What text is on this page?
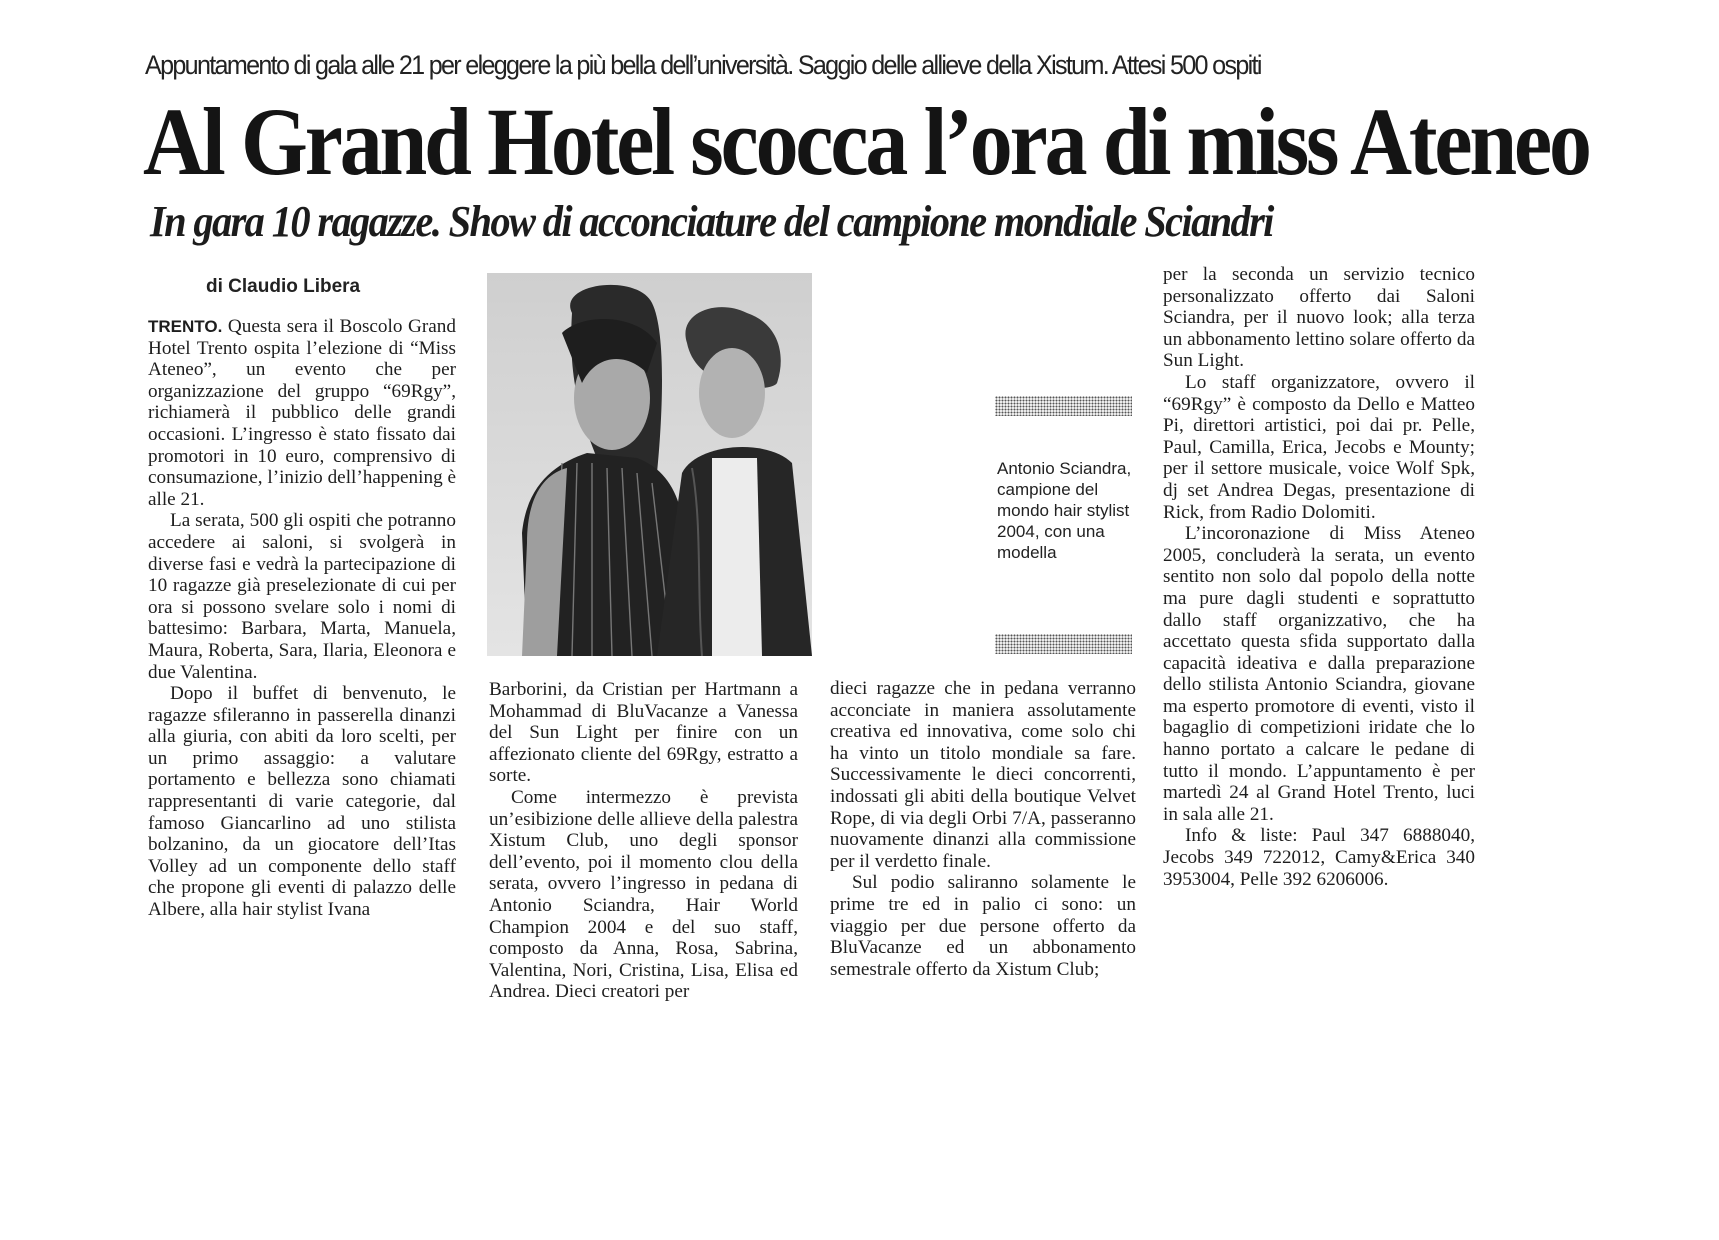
Appuntamento di gala alle 21 per eleggere la più bella dell’università. Saggio delle allieve della Xistum. Attesi 500 ospiti
Al Grand Hotel scocca l’ora di miss Ateneo
In gara 10 ragazze. Show di acconciature del campione mondiale Sciandri
di Claudio Libera

TRENTO. Questa sera il Boscolo Grand Hotel Trento ospita l’elezione di “Miss Ateneo”, un evento che per organizzazione del gruppo “69Rgy”, richiamerà il pubblico delle grandi occasioni. L’ingresso è stato fissato dai promotori in 10 euro, comprensivo di consumazione, l’inizio dell’happening è alle 21.

La serata, 500 gli ospiti che potranno accedere ai saloni, si svolgerà in diverse fasi e vedrà la partecipazione di 10 ragazze già preselezionate di cui per ora si possono svelare solo i nomi di battesimo: Barbara, Marta, Manuela, Maura, Roberta, Sara, Ilaria, Eleonora e due Valentina.

Dopo il buffet di benvenuto, le ragazze sfileranno in passerella dinanzi alla giuria, con abiti da loro scelti, per un primo assaggio: a valutare portamento e bellezza sono chiamati rappresentanti di varie categorie, dal famoso Giancarlino ad uno stilista bolzanino, da un giocatore dell’Itas Volley ad un componente dello staff che propone gli eventi di palazzo delle Albere, alla hair stylist Ivana

Antonio Sciandra, campione del mondo hair stylist 2004, con una modella

Barborini, da Cristian per Hartmann a Mohammad di BluVacanze a Vanessa del Sun Light per finire con un affezionato cliente del 69Rgy, estratto a sorte.

Come intermezzo è prevista un’esibizione delle allieve della palestra Xistum Club, uno degli sponsor dell’evento, poi il momento clou della serata, ovvero l’ingresso in pedana di Antonio Sciandra, Hair World Champion 2004 e del suo staff, composto da Anna, Rosa, Sabrina, Valentina, Nori, Cristina, Lisa, Elisa ed Andrea. Dieci creatori per

dieci ragazze che in pedana verranno acconciate in maniera assolutamente creativa ed innovativa, come solo chi ha vinto un titolo mondiale sa fare. Successivamente le dieci concorrenti, indossati gli abiti della boutique Velvet Rope, di via degli Orbi 7/A, passeranno nuovamente dinanzi alla commissione per il verdetto finale.

Sul podio saliranno solamente le prime tre ed in palio ci sono: un viaggio per due persone offerto da BluVacanze ed un abbonamento semestrale offerto da Xistum Club;

per la seconda un servizio tecnico personalizzato offerto dai Saloni Sciandra, per il nuovo look; alla terza un abbonamento lettino solare offerto da Sun Light.

Lo staff organizzatore, ovvero il “69Rgy” è composto da Dello e Matteo Pi, direttori artistici, poi dai pr. Pelle, Paul, Camilla, Erica, Jecobs e Mounty; per il settore musicale, voice Wolf Spk, dj set Andrea Degas, presentazione di Rick, from Radio Dolomiti.

L’incoronazione di Miss Ateneo 2005, concluderà la serata, un evento sentito non solo dal popolo della notte ma pure dagli studenti e soprattutto dallo staff organizzativo, che ha accettato questa sfida supportato dalla capacità ideativa e dalla preparazione dello stilista Antonio Sciandra, giovane ma esperto promotore di eventi, visto il bagaglio di competizioni iridate che lo hanno portato a calcare le pedane di tutto il mondo. L’appuntamento è per martedì 24 al Grand Hotel Trento, luci in sala alle 21.

Info & liste: Paul 347 6888040, Jecobs 349 722012, Camy&Erica 340 3953004, Pelle 392 6206006.
